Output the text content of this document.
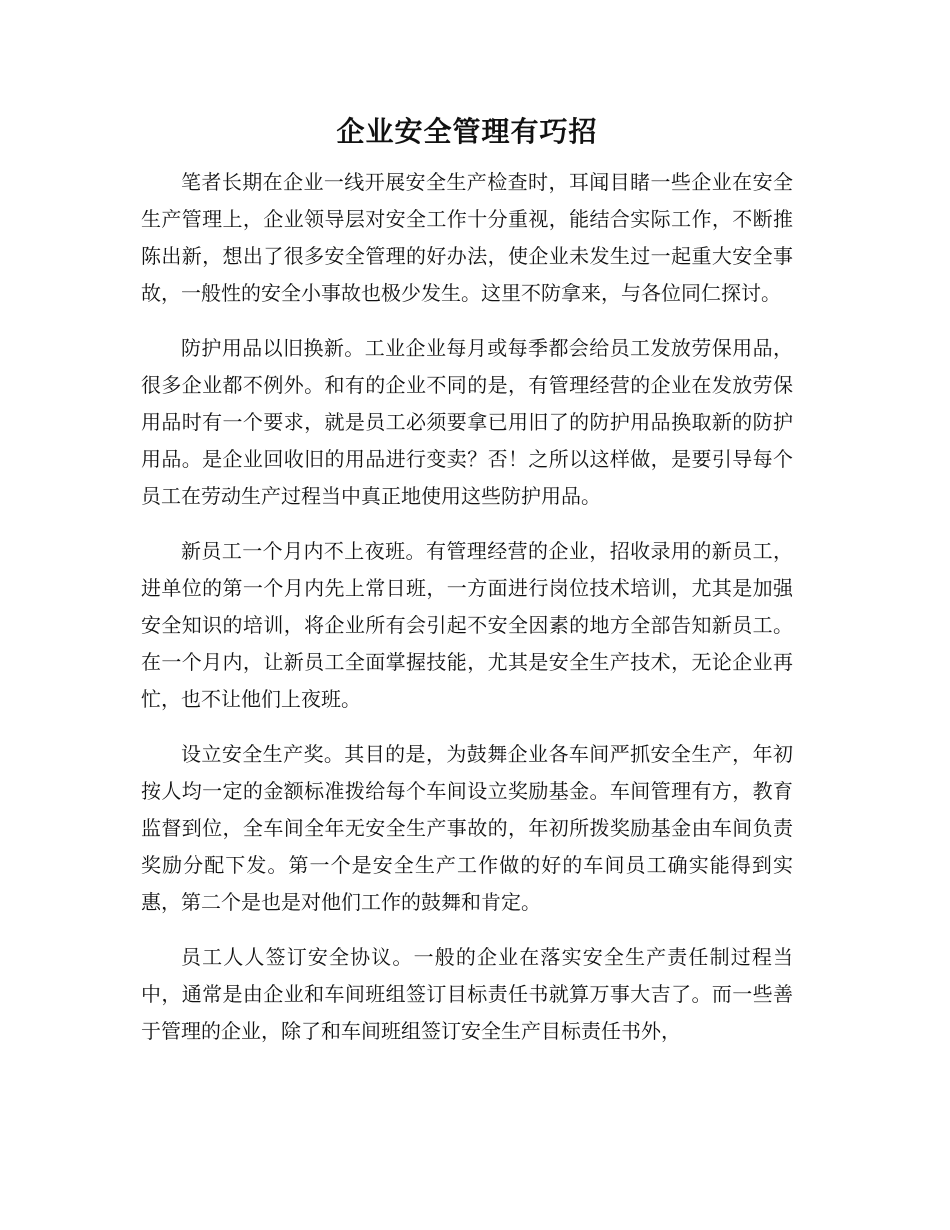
企业安全管理有巧招

笔者长期在企业一线开展安全生产检查时，耳闻目睹一些企业在安全生产管理上，企业领导层对安全工作十分重视，能结合实际工作，不断推陈出新，想出了很多安全管理的好办法，使企业未发生过一起重大安全事故，一般性的安全小事故也极少发生。这里不防拿来，与各位同仁探讨。

防护用品以旧换新。工业企业每月或每季都会给员工发放劳保用品，很多企业都不例外。和有的企业不同的是，有管理经营的企业在发放劳保用品时有一个要求，就是员工必须要拿已用旧了的防护用品换取新的防护用品。是企业回收旧的用品进行变卖？否！之所以这样做，是要引导每个员工在劳动生产过程当中真正地使用这些防护用品。

新员工一个月内不上夜班。有管理经营的企业，招收录用的新员工，进单位的第一个月内先上常日班，一方面进行岗位技术培训，尤其是加强安全知识的培训，将企业所有会引起不安全因素的地方全部告知新员工。在一个月内，让新员工全面掌握技能，尤其是安全生产技术，无论企业再忙，也不让他们上夜班。

设立安全生产奖。其目的是，为鼓舞企业各车间严抓安全生产，年初按人均一定的金额标准拨给每个车间设立奖励基金。车间管理有方，教育监督到位，全车间全年无安全生产事故的，年初所拨奖励基金由车间负责奖励分配下发。第一个是安全生产工作做的好的车间员工确实能得到实惠，第二个是也是对他们工作的鼓舞和肯定。

员工人人签订安全协议。一般的企业在落实安全生产责任制过程当中，通常是由企业和车间班组签订目标责任书就算万事大吉了。而一些善于管理的企业，除了和车间班组签订安全生产目标责任书外，
